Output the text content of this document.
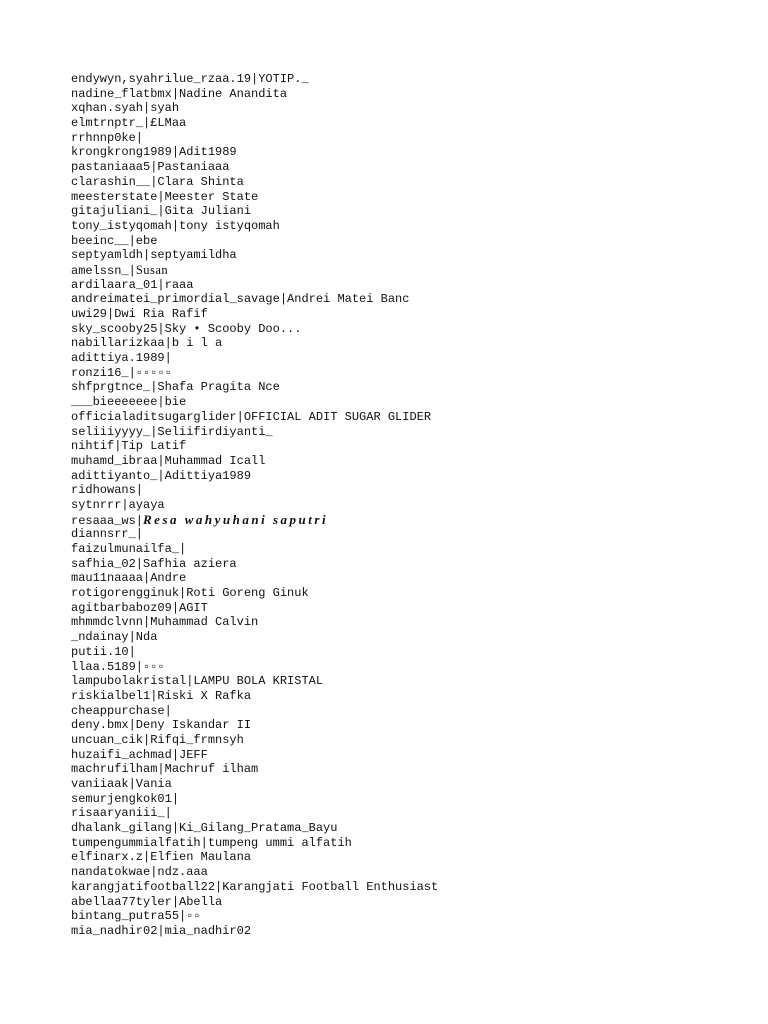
endywyn,syahrilue_rzaa.19|YOTIP._
nadine_flatbmx|Nadine Anandita
xqhan.syah|syah
elmtrnptr_|£LMaa
rrhnnp0ke|
krongkrong1989|Adit1989
pastaniaaa5|Pastaniaaa
clarashin__|Clara Shinta
meesterstate|Meester State
gitajuliani_|Gita Juliani
tony_istyqomah|tony istyqomah
beeinc__|ebe
septyamldh|septyamildha
amelssn_|Susan
ardilaara_01|raaa
andreimatei_primordial_savage|Andrei Matei Banc
uwi29|Dwi Ria Rafif
sky_scooby25|Sky • Scooby Doo...
nabillarizkaa|b i l a
adittiya.1989|
ronzi16_|▫▫▫▫▫
shfprgtnce_|Shafa Pragita Nce
___bieeeeeee|bie
officialaditsugarglider|OFFICIAL ADIT SUGAR GLIDER
seliiiyyyy_|Seliifirdiyanti_
nihtif|Tip Latif
muhamd_ibraa|Muhammad Icall
adittiyanto_|Adittiya1989
ridhowans|
sytnrrr|ayaya
resaaa_ws|Resa wahyuhani saputri
diannsrr_|
faizulmunailfa_|
safhia_02|Safhia aziera
mau11naaaa|Andre
rotigorengginuk|Roti Goreng Ginuk
agitbarbaboz09|AGIT
mhmmdclvnn|Muhammad Calvin
_ndainay|Nda
putii.10|
llaa.5189|▫▫▫
lampubolakristal|LAMPU BOLA KRISTAL
riskialbel1|Riski X Rafka
cheappurchase|
deny.bmx|Deny Iskandar II
uncuan_cik|Rifqi_frmnsyh
huzaifi_achmad|JEFF
machrufilham|Machruf ilham
vaniiaak|Vania
semurjengkok01|
risaaryaniii_|
dhalank_gilang|Ki_Gilang_Pratama_Bayu
tumpengummialfatih|tumpeng ummi alfatih
elfinarx.z|Elfien Maulana
nandatokwae|ndz.aaa
karangjatifootball22|Karangjati Football Enthusiast
abellaa77tyler|Abella
bintang_putra55|▫▫
mia_nadhir02|mia_nadhir02
